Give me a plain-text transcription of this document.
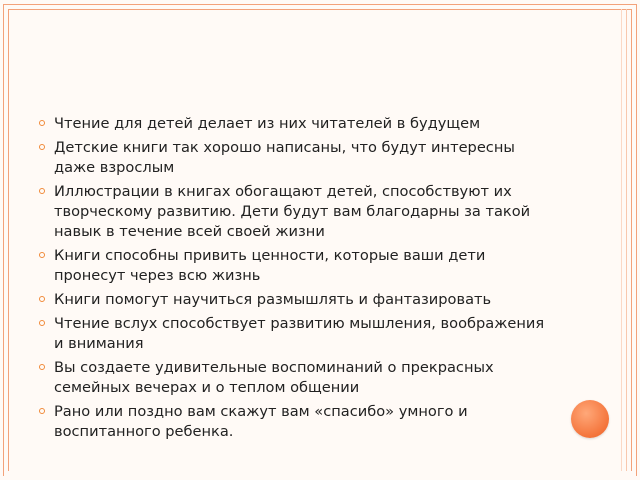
Чтение для детей делает из них читателей в будущем
Детские книги так хорошо написаны, что будут интересны даже взрослым
Иллюстрации в книгах обогащают детей, способствуют их творческому развитию. Дети будут вам благодарны за такой навык в течение всей своей жизни
Книги способны привить ценности, которые ваши дети пронесут через всю жизнь
Книги помогут научиться размышлять и фантазировать
Чтение вслух способствует развитию мышления, воображения и внимания
Вы создаете удивительные воспоминаний о прекрасных семейных вечерах и о теплом общении
Рано или поздно вам скажут вам «спасибо» умного и воспитанного ребенка.
